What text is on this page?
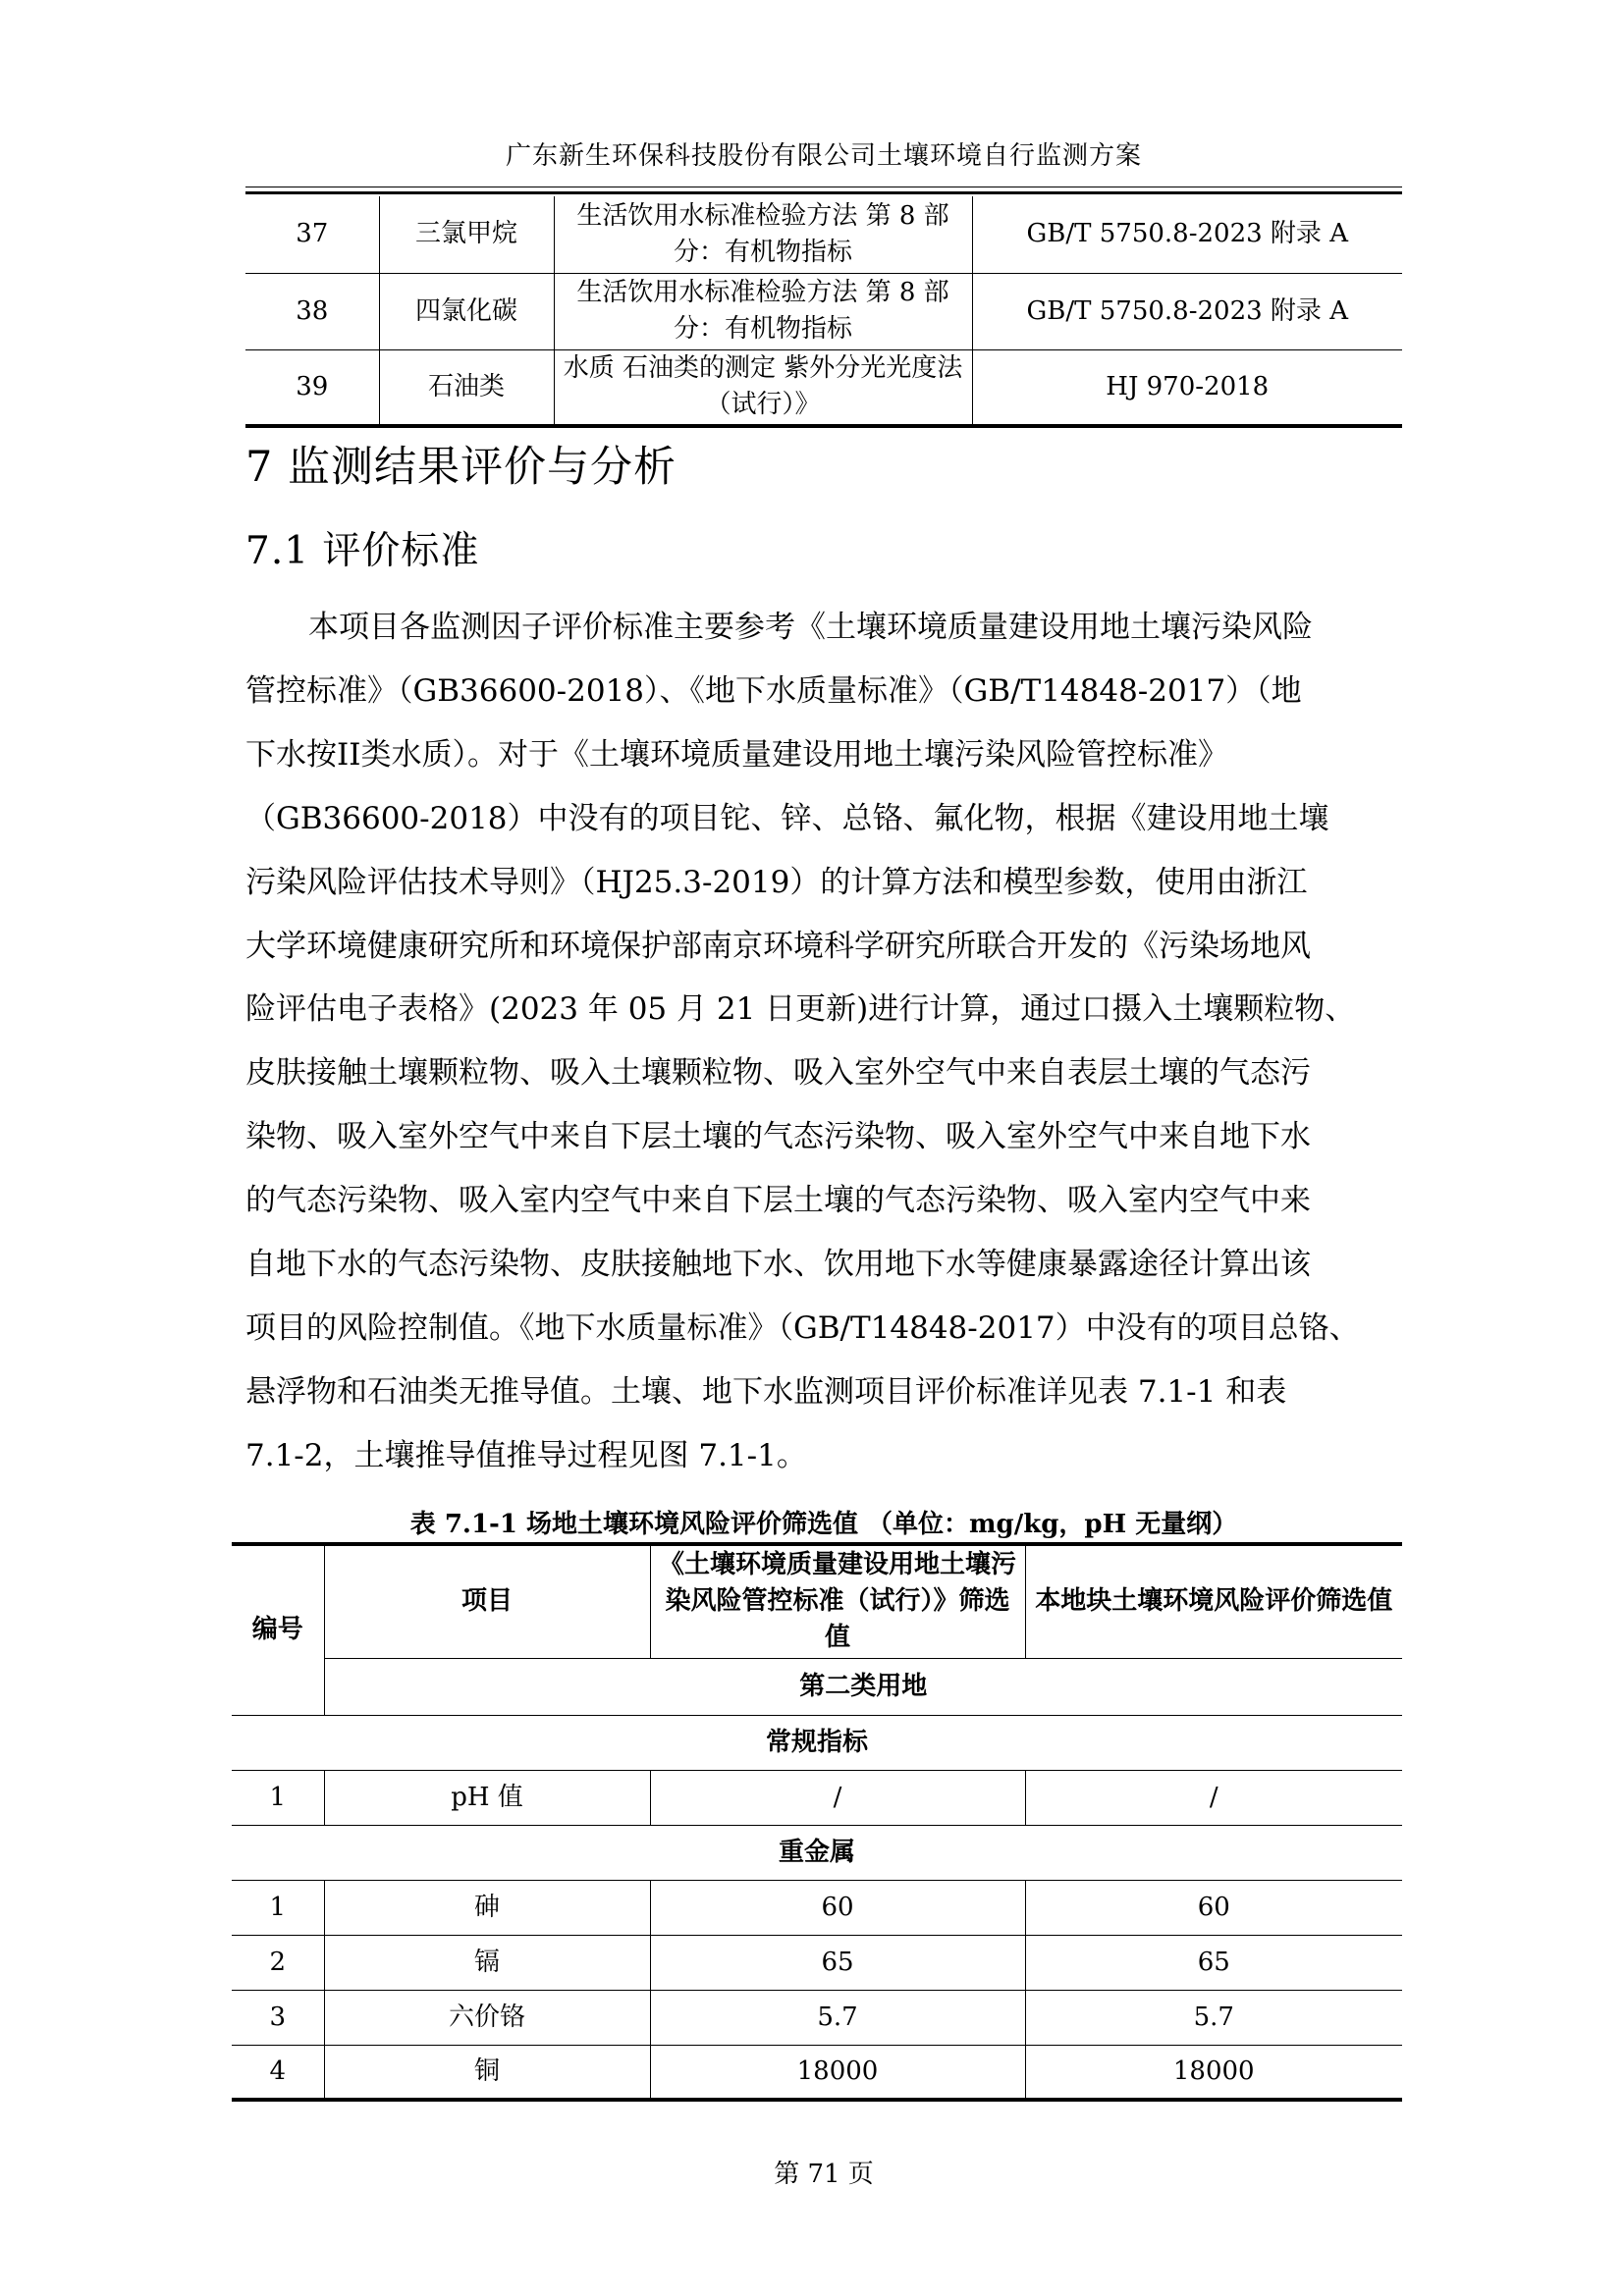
广东新生环保科技股份有限公司土壤环境自行监测方案
37	三氯甲烷	生活饮用水标准检验方法 第 8 部分：有机物指标	GB/T 5750.8-2023 附录 A
38	四氯化碳	生活饮用水标准检验方法 第 8 部分：有机物指标	GB/T 5750.8-2023 附录 A
39	石油类	水质 石油类的测定 紫外分光光度法（试行）》	HJ 970-2018
7 监测结果评价与分析
7.1 评价标准
本项目各监测因子评价标准主要参考《土壤环境质量建设用地土壤污染风险
管控标准》（GB36600-2018）、《地下水质量标准》（GB/T14848-2017）（地
下水按II类水质）。对于《土壤环境质量建设用地土壤污染风险管控标准》
（GB36600-2018）中没有的项目铊、锌、总铬、氟化物，根据《建设用地土壤
污染风险评估技术导则》（HJ25.3-2019）的计算方法和模型参数，使用由浙江
大学环境健康研究所和环境保护部南京环境科学研究所联合开发的《污染场地风
险评估电子表格》(2023 年 05 月 21 日更新)进行计算，通过口摄入土壤颗粒物、
皮肤接触土壤颗粒物、吸入土壤颗粒物、吸入室外空气中来自表层土壤的气态污
染物、吸入室外空气中来自下层土壤的气态污染物、吸入室外空气中来自地下水
的气态污染物、吸入室内空气中来自下层土壤的气态污染物、吸入室内空气中来
自地下水的气态污染物、皮肤接触地下水、饮用地下水等健康暴露途径计算出该
项目的风险控制值。《地下水质量标准》（GB/T14848-2017）中没有的项目总铬、
悬浮物和石油类无推导值。土壤、地下水监测项目评价标准详见表 7.1-1 和表
7.1-2，土壤推导值推导过程见图 7.1-1。
表 7.1-1 场地土壤环境风险评价筛选值 （单位：mg/kg，pH 无量纲）
编号	项目	《土壤环境质量建设用地土壤污染风险管控标准（试行）》筛选值	本地块土壤环境风险评价筛选值
	第二类用地		
常规指标			
1	pH 值	/	/
重金属			
1	砷	60	60
2	镉	65	65
3	六价铬	5.7	5.7
4	铜	18000	18000
第 71 页
